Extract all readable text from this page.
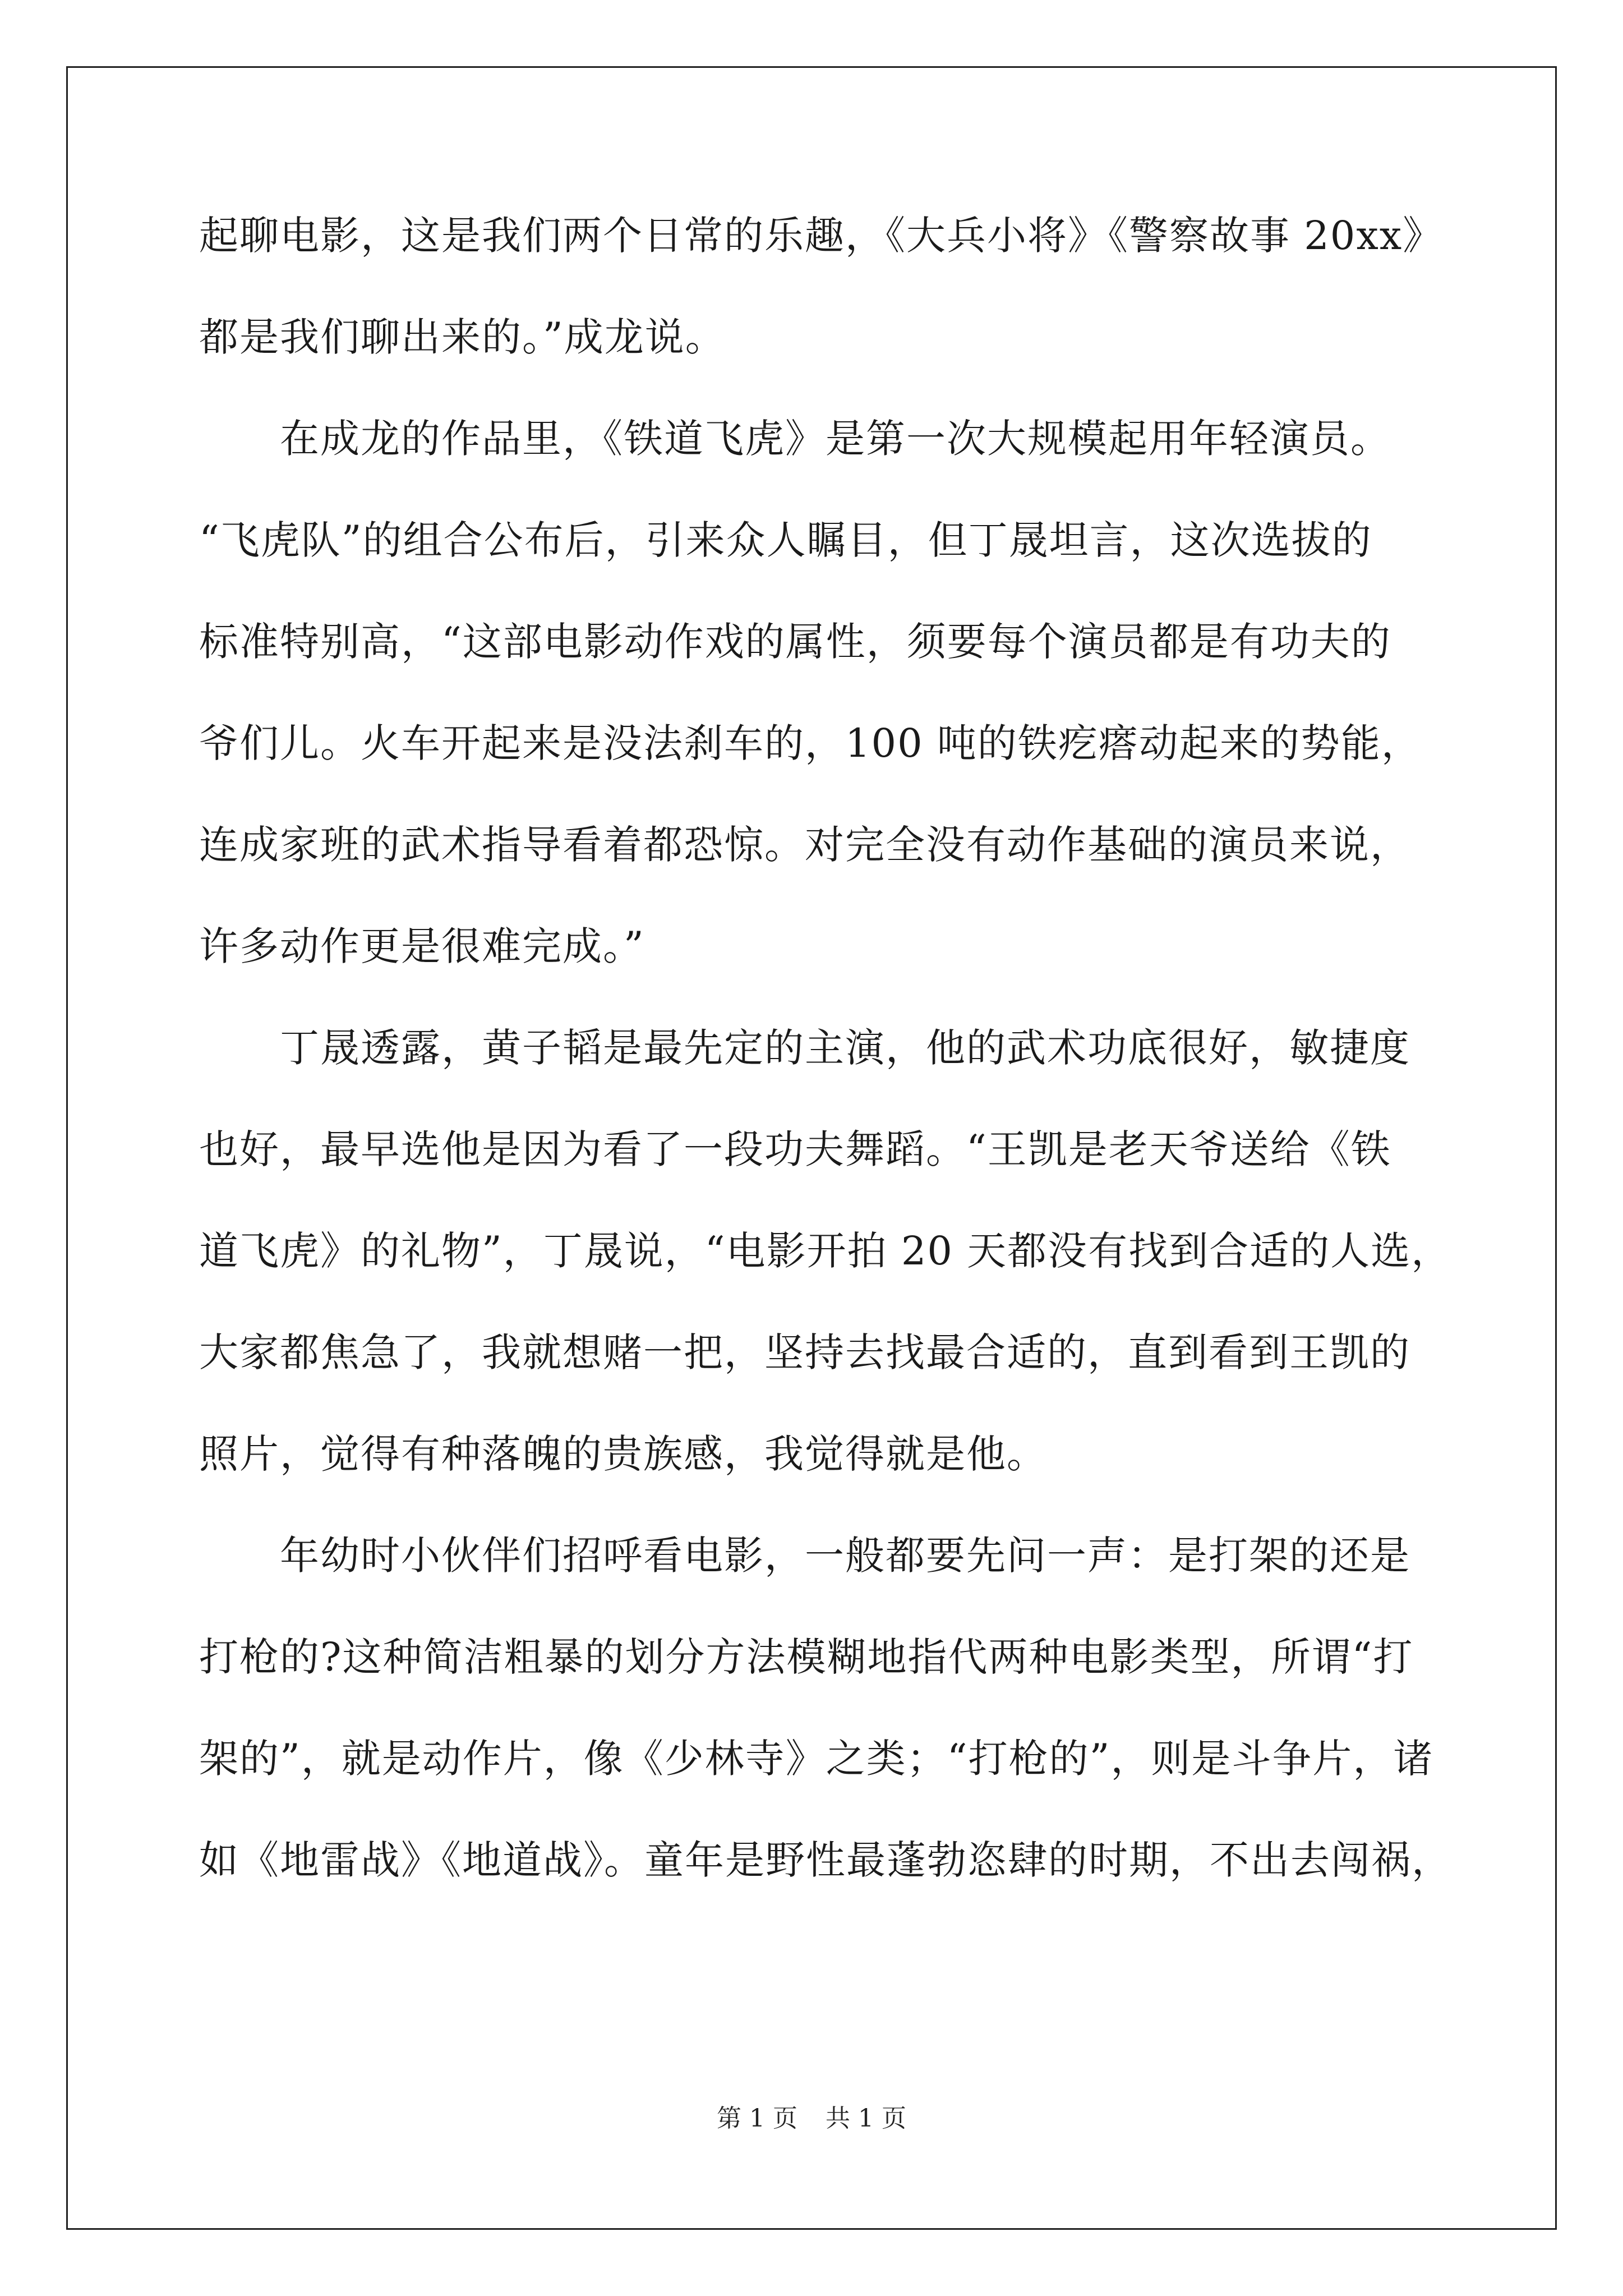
起聊电影，这是我们两个日常的乐趣，《大兵小将》《警察故事 20xx》
都是我们聊出来的。”成龙说。
　　在成龙的作品里，《铁道飞虎》是第一次大规模起用年轻演员。
“飞虎队”的组合公布后，引来众人瞩目，但丁晟坦言，这次选拔的
标准特别高，“这部电影动作戏的属性，须要每个演员都是有功夫的
爷们儿。火车开起来是没法刹车的，100 吨的铁疙瘩动起来的势能，
连成家班的武术指导看着都恐惊。对完全没有动作基础的演员来说，
许多动作更是很难完成。”
　　丁晟透露，黄子韬是最先定的主演，他的武术功底很好，敏捷度
也好，最早选他是因为看了一段功夫舞蹈。“王凯是老天爷送给《铁
道飞虎》的礼物”，丁晟说，“电影开拍 20 天都没有找到合适的人选，
大家都焦急了，我就想赌一把，坚持去找最合适的，直到看到王凯的
照片，觉得有种落魄的贵族感，我觉得就是他。
　　年幼时小伙伴们招呼看电影，一般都要先问一声：是打架的还是
打枪的?这种简洁粗暴的划分方法模糊地指代两种电影类型，所谓“打
架的”，就是动作片，像《少林寺》之类；“打枪的”，则是斗争片，诸
如《地雷战》《地道战》。童年是野性最蓬勃恣肆的时期，不出去闯祸，
第 1 页 共 1 页
